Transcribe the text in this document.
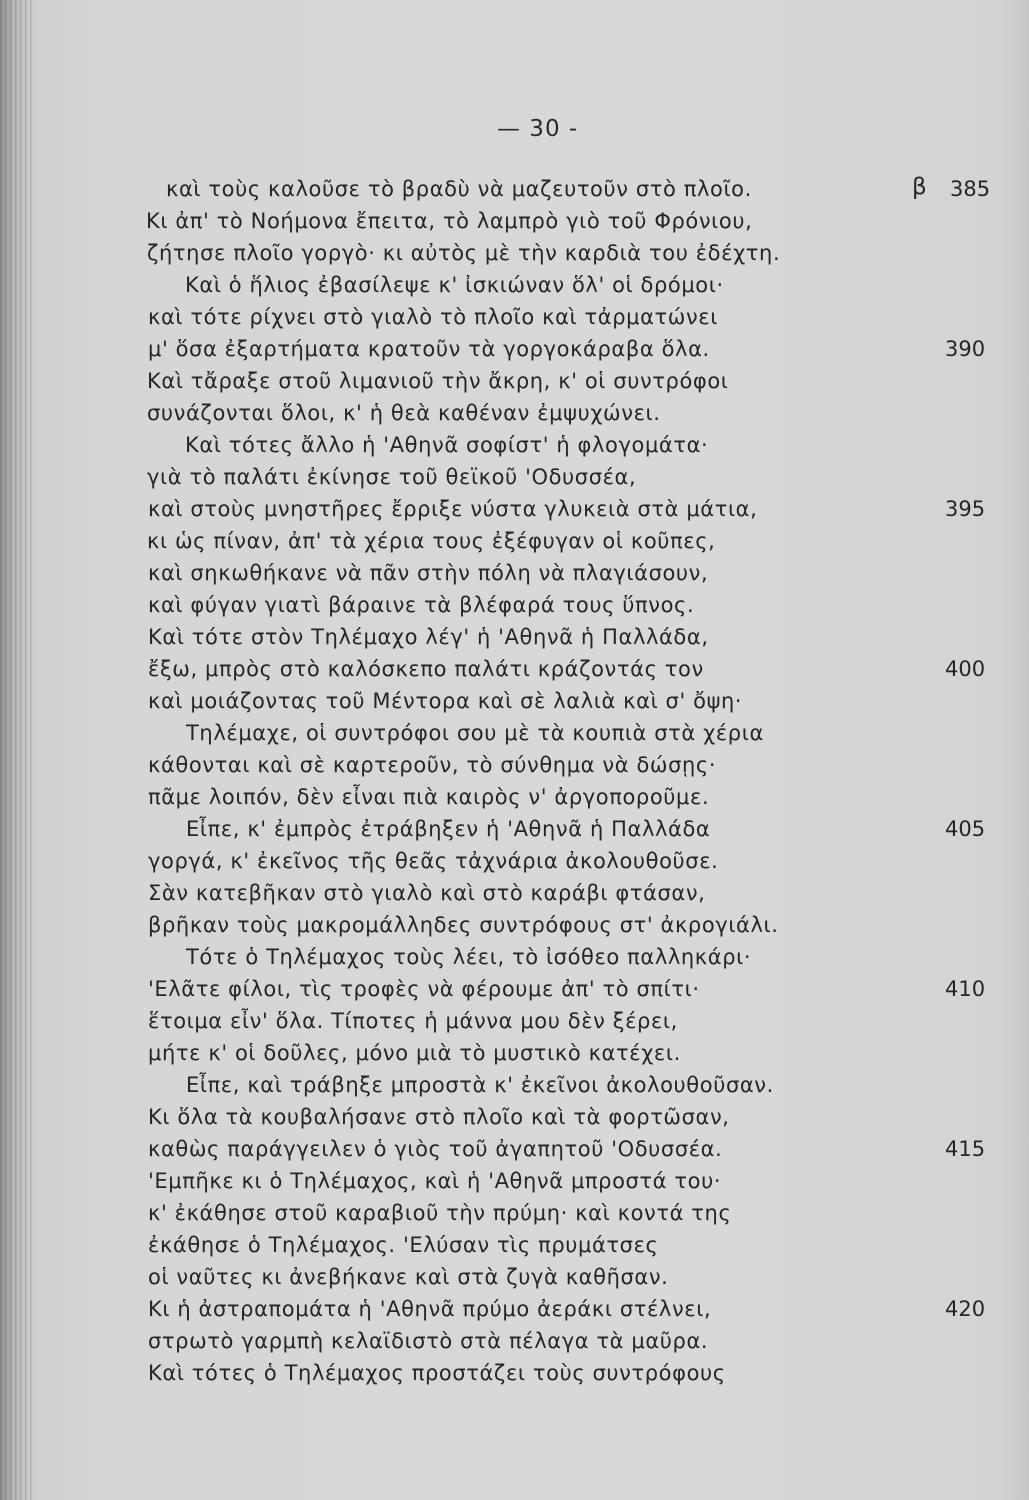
— 30 -
β
καὶ τοὺς καλοῦσε τὸ βραδὺ νὰ μαζευτοῦν στὸ πλοῖο.
Κι ἀπ' τὸ Νοήμονα ἔπειτα, τὸ λαμπρὸ γιὸ τοῦ Φρόνιου,
ζήτησε πλοῖο γοργὸ· κι αὐτὸς μὲ τὴν καρδιὰ του ἐδέχτη.
Καὶ ὁ ἥλιος ἐβασίλεψε κ' ἰσκιώναν ὅλ' οἱ δρόμοι·
καὶ τότε ρίχνει στὸ γιαλὸ τὸ πλοῖο καὶ τἀρματώνει
μ' ὅσα ἐξαρτήματα κρατοῦν τὰ γοργοκάραβα ὅλα.
Καὶ τἄραξε στοῦ λιμανιοῦ τὴν ἄκρη, κ' οἱ συντρόφοι
συνάζονται ὅλοι, κ' ἡ θεὰ καθέναν ἐμψυχώνει.
Καὶ τότες ἄλλο ἡ 'Αθηνᾶ σοφίστ' ἡ φλογομάτα·
γιὰ τὸ παλάτι ἐκίνησε τοῦ θεϊκοῦ 'Οδυσσέα,
καὶ στοὺς μνηστῆρες ἔρριξε νύστα γλυκειὰ στὰ μάτια,
κι ὡς πίναν, ἀπ' τὰ χέρια τους ἐξέφυγαν οἱ κοῦπες,
καὶ σηκωθήκανε νὰ πᾶν στὴν πόλη νὰ πλαγιάσουν,
καὶ φύγαν γιατὶ βάραινε τὰ βλέφαρά τους ὕπνος.
Καὶ τότε στὸν Τηλέμαχο λέγ' ἡ 'Αθηνᾶ ἡ Παλλάδα,
ἔξω, μπρὸς στὸ καλόσκεπο παλάτι κράζοντάς τον
καὶ μοιάζοντας τοῦ Μέντορα καὶ σὲ λαλιὰ καὶ σ' ὄψη·
Τηλέμαχε, οἱ συντρόφοι σου μὲ τὰ κουπιὰ στὰ χέρια
κάθονται καὶ σὲ καρτεροῦν, τὸ σύνθημα νὰ δώσῃς·
πᾶμε λοιπόν, δὲν εἶναι πιὰ καιρὸς ν' ἀργοποροῦμε.
Εἶπε, κ' ἐμπρὸς ἐτράβηξεν ἡ 'Αθηνᾶ ἡ Παλλάδα
γοργά, κ' ἐκεῖνος τῆς θεᾶς τἀχνάρια ἀκολουθοῦσε.
Σὰν κατεβῆκαν στὸ γιαλὸ καὶ στὸ καράβι φτάσαν,
βρῆκαν τοὺς μακρομάλληδες συντρόφους στ' ἀκρογιάλι.
Τότε ὁ Τηλέμαχος τοὺς λέει, τὸ ἰσόθεο παλληκάρι·
'Ελᾶτε φίλοι, τὶς τροφὲς νὰ φέρουμε ἀπ' τὸ σπίτι·
ἕτοιμα εἶν' ὅλα. Τίποτες ἡ μάννα μου δὲν ξέρει,
μήτε κ' οἱ δοῦλες, μόνο μιὰ τὸ μυστικὸ κατέχει.
Εἶπε, καὶ τράβηξε μπροστὰ κ' ἐκεῖνοι ἀκολουθοῦσαν.
Κι ὅλα τὰ κουβαλήσανε στὸ πλοῖο καὶ τὰ φορτῶσαν,
καθὼς παράγγειλεν ὁ γιὸς τοῦ ἀγαπητοῦ 'Οδυσσέα.
'Εμπῆκε κι ὁ Τηλέμαχος, καὶ ἡ 'Αθηνᾶ μπροστά του·
κ' ἐκάθησε στοῦ καραβιοῦ τὴν πρύμη· καὶ κοντά της
ἐκάθησε ὁ Τηλέμαχος. 'Ελύσαν τὶς πρυμάτσες
οἱ ναῦτες κι ἀνεβήκανε καὶ στὰ ζυγὰ καθῆσαν.
Κι ἡ ἀστραπομάτα ἡ 'Αθηνᾶ πρύμο ἀεράκι στέλνει,
στρωτὸ γαρμπὴ κελαϊδιστὸ στὰ πέλαγα τὰ μαῦρα.
Καὶ τότες ὁ Τηλέμαχος προστάζει τοὺς συντρόφους
385
390
395
400
405
410
415
420
